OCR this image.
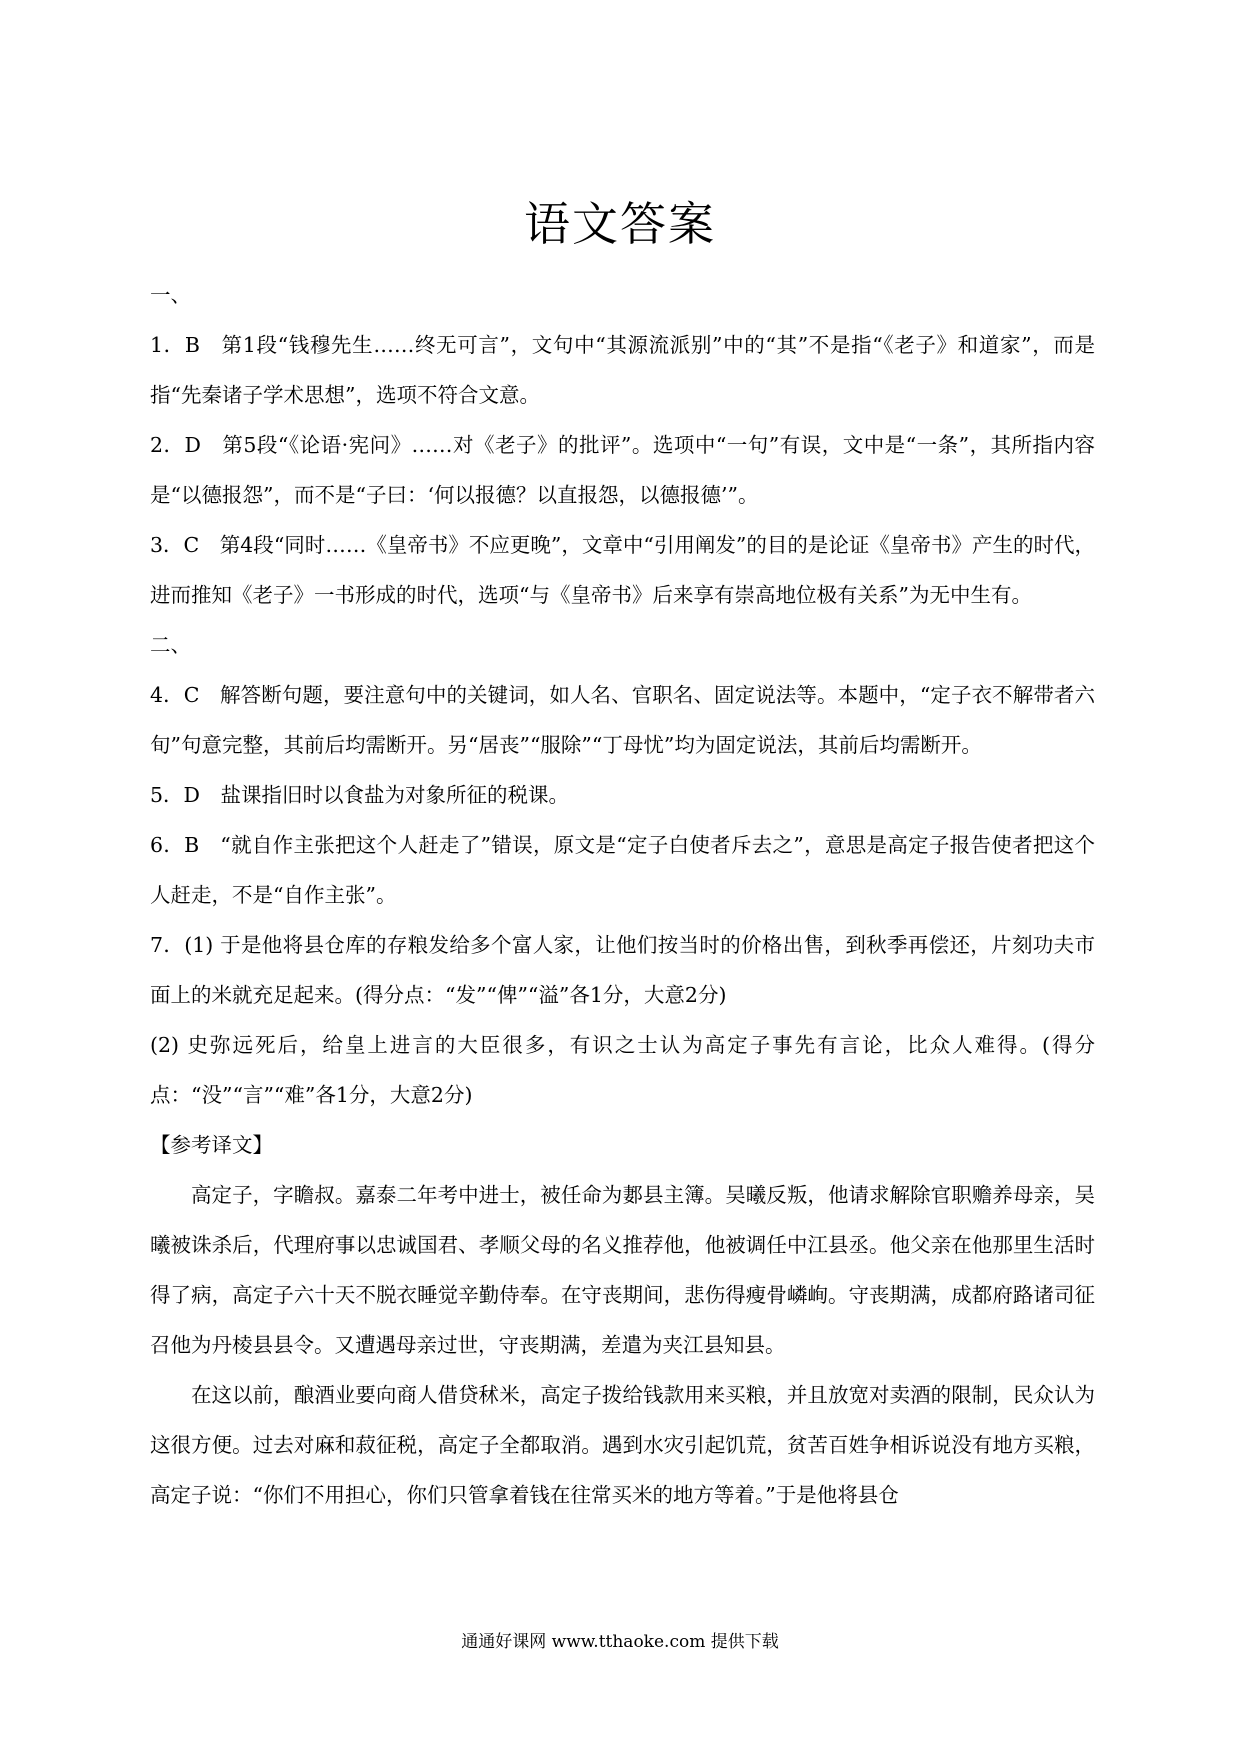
语文答案

一、

1．B　第1段“钱穆先生……终无可言”，文句中“其源流派别”中的“其”不是指“《老子》和道家”，而是指“先秦诸子学术思想”，选项不符合文意。

2．D　第5段“《论语·宪问》……对《老子》的批评”。选项中“一句”有误，文中是“一条”，其所指内容是“以德报怨”，而不是“子曰：‘何以报德？以直报怨，以德报德’”。

3．C　第4段“同时……《皇帝书》不应更晚”，文章中“引用阐发”的目的是论证《皇帝书》产生的时代，进而推知《老子》一书形成的时代，选项“与《皇帝书》后来享有崇高地位极有关系”为无中生有。

二、

4．C　解答断句题，要注意句中的关键词，如人名、官职名、固定说法等。本题中，“定子衣不解带者六旬”句意完整，其前后均需断开。另“居丧”“服除”“丁母忧”均为固定说法，其前后均需断开。

5．D　盐课指旧时以食盐为对象所征的税课。

6．B　“就自作主张把这个人赶走了”错误，原文是“定子白使者斥去之”，意思是高定子报告使者把这个人赶走，不是“自作主张”。

7．(1) 于是他将县仓库的存粮发给多个富人家，让他们按当时的价格出售，到秋季再偿还，片刻功夫市面上的米就充足起来。(得分点：“发”“俾”“溢”各1分，大意2分)

(2) 史弥远死后，给皇上进言的大臣很多，有识之士认为高定子事先有言论，比众人难得。(得分点：“没”“言”“难”各1分，大意2分)

【参考译文】

高定子，字瞻叔。嘉泰二年考中进士，被任命为郪县主簿。吴曦反叛，他请求解除官职赡养母亲，吴曦被诛杀后，代理府事以忠诚国君、孝顺父母的名义推荐他，他被调任中江县丞。他父亲在他那里生活时得了病，高定子六十天不脱衣睡觉辛勤侍奉。在守丧期间，悲伤得瘦骨嶙峋。守丧期满，成都府路诸司征召他为丹棱县县令。又遭遇母亲过世，守丧期满，差遣为夹江县知县。

在这以前，酿酒业要向商人借贷秫米，高定子拨给钱款用来买粮，并且放宽对卖酒的限制，民众认为这很方便。过去对麻和菽征税，高定子全都取消。遇到水灾引起饥荒，贫苦百姓争相诉说没有地方买粮，高定子说：“你们不用担心，你们只管拿着钱在往常买米的地方等着。”于是他将县仓

通通好课网 www.tthaoke.com 提供下载
